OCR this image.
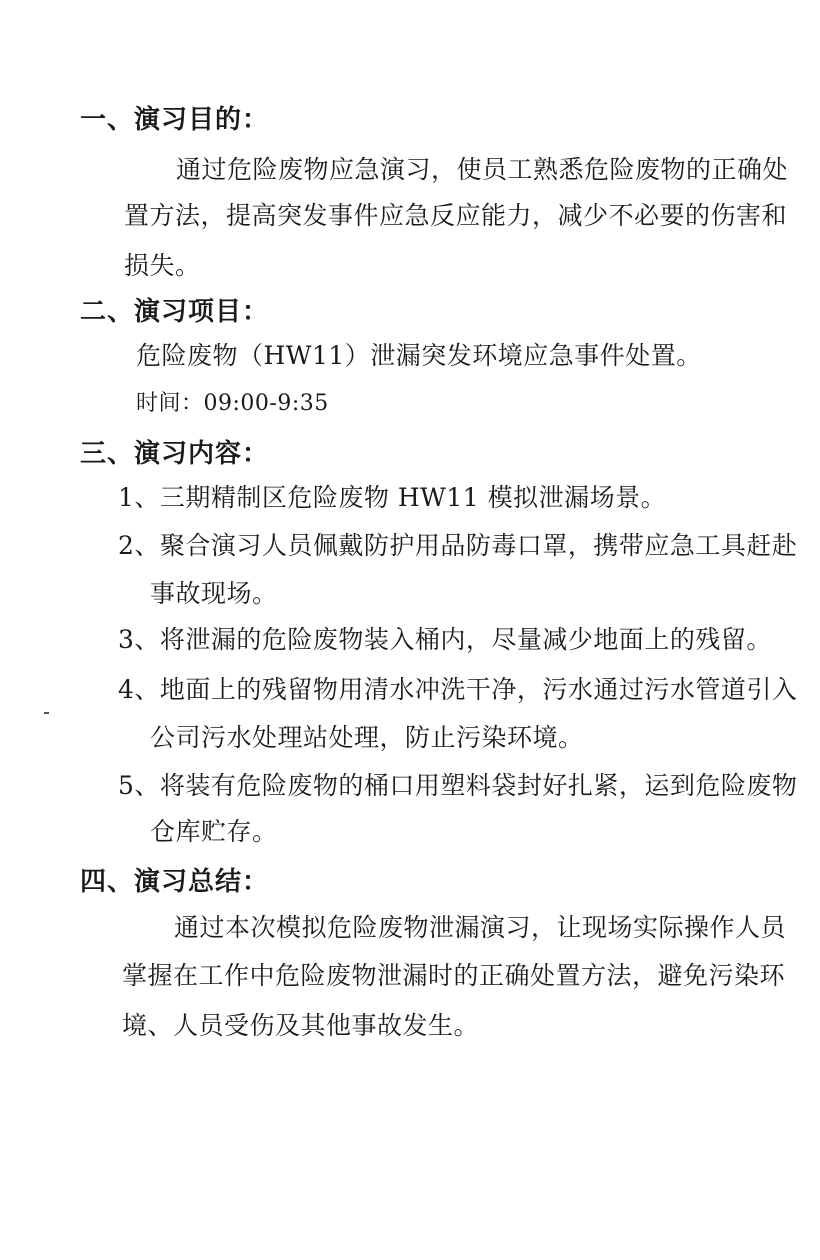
一、演习目的：
通过危险废物应急演习，使员工熟悉危险废物的正确处
置方法，提高突发事件应急反应能力，减少不必要的伤害和
损失。
二、演习项目：
危险废物（HW11）泄漏突发环境应急事件处置。
时间：09:00-9:35
三、演习内容：
1、三期精制区危险废物 HW11 模拟泄漏场景。
2、聚合演习人员佩戴防护用品防毒口罩，携带应急工具赶赴
事故现场。
3、将泄漏的危险废物装入桶内，尽量减少地面上的残留。
4、地面上的残留物用清水冲洗干净，污水通过污水管道引入
公司污水处理站处理，防止污染环境。
5、将装有危险废物的桶口用塑料袋封好扎紧，运到危险废物
仓库贮存。
四、演习总结：
通过本次模拟危险废物泄漏演习，让现场实际操作人员
掌握在工作中危险废物泄漏时的正确处置方法，避免污染环
境、人员受伤及其他事故发生。
